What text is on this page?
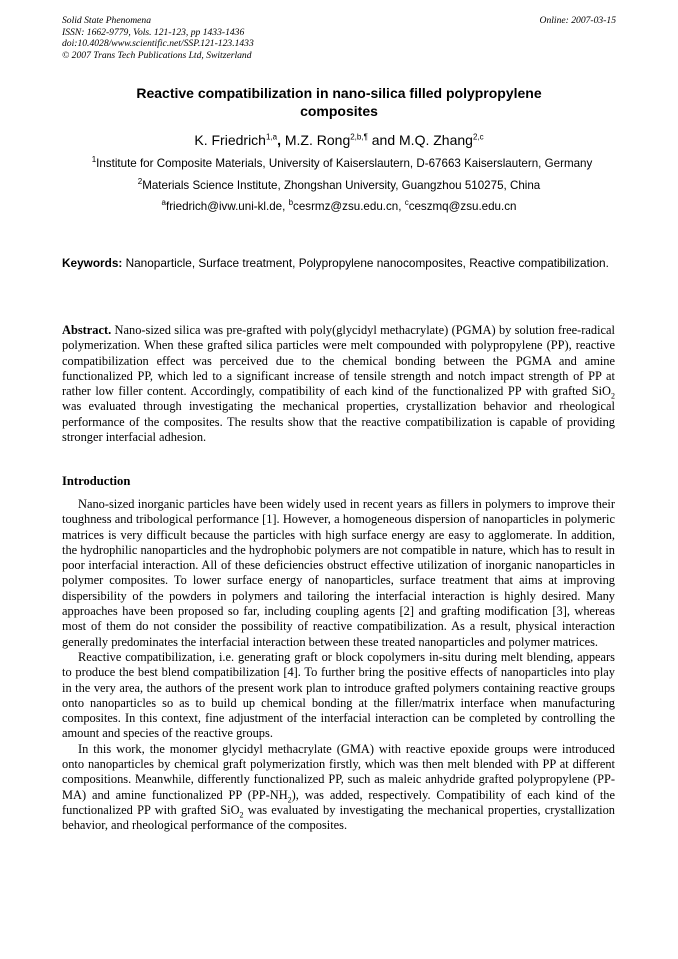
Solid State Phenomena
ISSN: 1662-9779, Vols. 121-123, pp 1433-1436
doi:10.4028/www.scientific.net/SSP.121-123.1433
© 2007 Trans Tech Publications Ltd, Switzerland
Online: 2007-03-15
Reactive compatibilization in nano-silica filled polypropylene
composites
K. Friedrich$^{1,a}$, M.Z. Rong$^{2,b,\P}$ and M.Q. Zhang$^{2,c}$
$^1$Institute for Composite Materials, University of Kaiserslautern, D-67663 Kaiserslautern, Germany
$^2$Materials Science Institute, Zhongshan University, Guangzhou 510275, China
$^a$friedrich@ivw.uni-kl.de, $^b$cesrmz@zsu.edu.cn, $^c$ceszmq@zsu.edu.cn
Keywords: Nanoparticle, Surface treatment, Polypropylene nanocomposites, Reactive compatibilization.
Abstract. Nano-sized silica was pre-grafted with poly(glycidyl methacrylate) (PGMA) by solution free-radical polymerization. When these grafted silica particles were melt compounded with polypropylene (PP), reactive compatibilization effect was perceived due to the chemical bonding between the PGMA and amine functionalized PP, which led to a significant increase of tensile strength and notch impact strength of PP at rather low filler content. Accordingly, compatibility of each kind of the functionalized PP with grafted SiO$_2$ was evaluated through investigating the mechanical properties, crystallization behavior and rheological performance of the composites. The results show that the reactive compatibilization is capable of providing stronger interfacial adhesion.
Introduction

Nano-sized inorganic particles have been widely used in recent years as fillers in polymers to improve their toughness and tribological performance [1]. However, a homogeneous dispersion of nanoparticles in polymeric matrices is very difficult because the particles with high surface energy are easy to agglomerate. In addition, the hydrophilic nanoparticles and the hydrophobic polymers are not compatible in nature, which has to result in poor interfacial interaction. All of these deficiencies obstruct effective utilization of inorganic nanoparticles in polymer composites. To lower surface energy of nanoparticles, surface treatment that aims at improving dispersibility of the powders in polymers and tailoring the interfacial interaction is highly desired. Many approaches have been proposed so far, including coupling agents [2] and grafting modification [3], whereas most of them do not consider the possibility of reactive compatibilization. As a result, physical interaction generally predominates the interfacial interaction between these treated nanoparticles and polymer matrices.

Reactive compatibilization, i.e. generating graft or block copolymers in-situ during melt blending, appears to produce the best blend compatibilization [4]. To further bring the positive effects of nanoparticles into play in the very area, the authors of the present work plan to introduce grafted polymers containing reactive groups onto nanoparticles so as to build up chemical bonding at the filler/matrix interface when manufacturing composites. In this context, fine adjustment of the interfacial interaction can be completed by controlling the amount and species of the reactive groups.

In this work, the monomer glycidyl methacrylate (GMA) with reactive epoxide groups were introduced onto nanoparticles by chemical graft polymerization firstly, which was then melt blended with PP at different compositions. Meanwhile, differently functionalized PP, such as maleic anhydride grafted polypropylene (PP-MA) and amine functionalized PP $(PP-NH_2)$, was added, respectively. Compatibility of each kind of the functionalized PP with grafted SiO$_2$ was evaluated by investigating the mechanical properties, crystallization behavior, and rheological performance of the composites.
